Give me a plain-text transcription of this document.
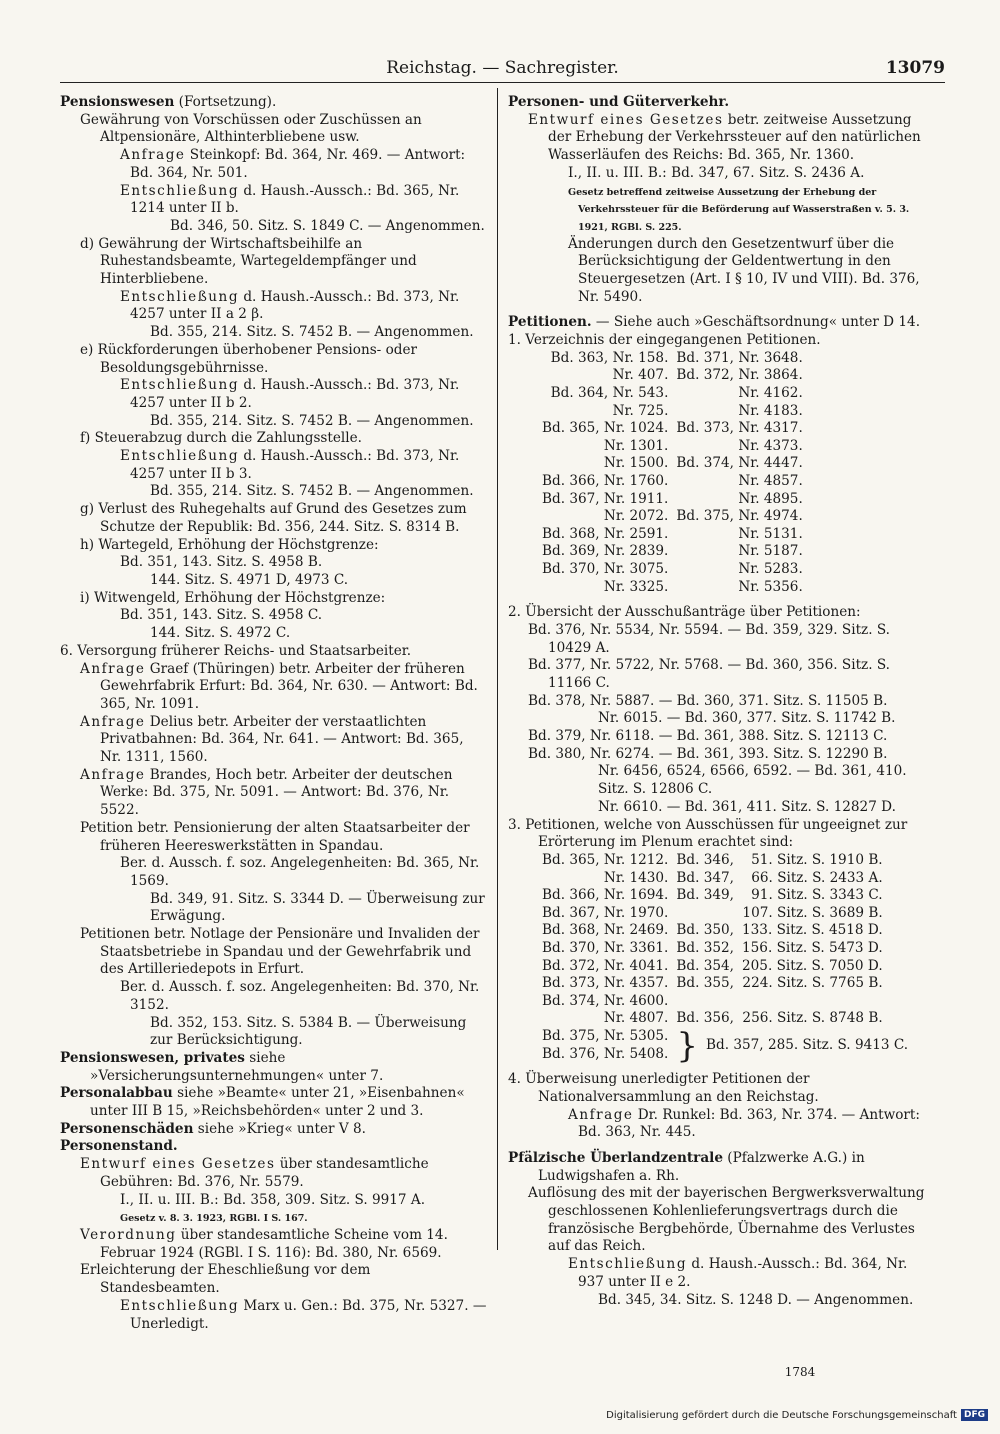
Reichstag. — Sachregister.	13079
Pensionswesen (Fortsetzung).
Gewährung von Vorschüssen oder Zuschüssen an Altpensionäre, Althinterbliebene usw.
Anfrage Steinkopf: Bd. 364, Nr. 469. — Antwort: Bd. 364, Nr. 501.
Entschließung d. Haush.-Aussch.: Bd. 365, Nr. 1214 unter II b.
Bd. 346, 50. Sitz. S. 1849 C. — Angenommen.
d) Gewährung der Wirtschaftsbeihilfe an Ruhestandsbeamte, Wartegeldempfänger und Hinterbliebene.
Entschließung d. Haush.-Aussch.: Bd. 373, Nr. 4257 unter II a 2 β.
Bd. 355, 214. Sitz. S. 7452 B. — Angenommen.
e) Rückforderungen überhobener Pensions- oder Besoldungsgebührnisse.
Entschließung d. Haush.-Aussch.: Bd. 373, Nr. 4257 unter II b 2.
Bd. 355, 214. Sitz. S. 7452 B. — Angenommen.
f) Steuerabzug durch die Zahlungsstelle.
Entschließung d. Haush.-Aussch.: Bd. 373, Nr. 4257 unter II b 3.
Bd. 355, 214. Sitz. S. 7452 B. — Angenommen.
g) Verlust des Ruhegehalts auf Grund des Gesetzes zum Schutze der Republik: Bd. 356, 244. Sitz. S. 8314 B.
h) Wartegeld, Erhöhung der Höchstgrenze:
Bd. 351, 143. Sitz. S. 4958 B.
144. Sitz. S. 4971 D, 4973 C.
i) Witwengeld, Erhöhung der Höchstgrenze:
Bd. 351, 143. Sitz. S. 4958 C.
144. Sitz. S. 4972 C.
6. Versorgung früherer Reichs- und Staatsarbeiter.
Anfrage Graef (Thüringen) betr. Arbeiter der früheren Gewehrfabrik Erfurt: Bd. 364, Nr. 630. — Antwort: Bd. 365, Nr. 1091.
Anfrage Delius betr. Arbeiter der verstaatlichten Privatbahnen: Bd. 364, Nr. 641. — Antwort: Bd. 365, Nr. 1311, 1560.
Anfrage Brandes, Hoch betr. Arbeiter der deutschen Werke: Bd. 375, Nr. 5091. — Antwort: Bd. 376, Nr. 5522.
Petition betr. Pensionierung der alten Staatsarbeiter der früheren Heereswerkstätten in Spandau.
Ber. d. Aussch. f. soz. Angelegenheiten: Bd. 365, Nr. 1569.
Bd. 349, 91. Sitz. S. 3344 D. — Überweisung zur Erwägung.
Petitionen betr. Notlage der Pensionäre und Invaliden der Staatsbetriebe in Spandau und der Gewehrfabrik und des Artilleriedepots in Erfurt.
Ber. d. Aussch. f. soz. Angelegenheiten: Bd. 370, Nr. 3152.
Bd. 352, 153. Sitz. S. 5384 B. — Überweisung zur Berücksichtigung.
Pensionswesen, privates siehe »Versicherungsunternehmungen« unter 7.
Personalabbau siehe »Beamte« unter 21, »Eisenbahnen« unter III B 15, »Reichsbehörden« unter 2 und 3.
Personenschäden siehe »Krieg« unter V 8.
Personenstand.
Entwurf eines Gesetzes über standesamtliche Gebühren: Bd. 376, Nr. 5579.
I., II. u. III. B.: Bd. 358, 309. Sitz. S. 9917 A.
Gesetz v. 8. 3. 1923, RGBl. I S. 167.
Verordnung über standesamtliche Scheine vom 14. Februar 1924 (RGBl. I S. 116): Bd. 380, Nr. 6569.
Erleichterung der Eheschließung vor dem Standesbeamten.
Entschließung Marx u. Gen.: Bd. 375, Nr. 5327. — Unerledigt.
Personen- und Güterverkehr.
Entwurf eines Gesetzes betr. zeitweise Aussetzung der Erhebung der Verkehrssteuer auf den natürlichen Wasserläufen des Reichs: Bd. 365, Nr. 1360.
I., II. u. III. B.: Bd. 347, 67. Sitz. S. 2436 A.
Gesetz betreffend zeitweise Aussetzung der Erhebung der Verkehrssteuer für die Beförderung auf Wasserstraßen v. 5. 3. 1921, RGBl. S. 225.
Änderungen durch den Gesetzentwurf über die Berücksichtigung der Geldentwertung in den Steuergesetzen (Art. I § 10, IV und VIII). Bd. 376, Nr. 5490.
Petitionen. — Siehe auch »Geschäftsordnung« unter D 14.
1. Verzeichnis der eingegangenen Petitionen.
Bd. 363, Nr. 158.	Bd. 371, Nr. 3648.
Nr. 407.	Bd. 372, Nr. 3864.
Bd. 364, Nr. 543.	Nr. 4162.
Nr. 725.	Nr. 4183.
Bd. 365, Nr. 1024.	Bd. 373, Nr. 4317.
Nr. 1301.	Nr. 4373.
Nr. 1500.	Bd. 374, Nr. 4447.
Bd. 366, Nr. 1760.	Nr. 4857.
Bd. 367, Nr. 1911.	Nr. 4895.
Nr. 2072.	Bd. 375, Nr. 4974.
Bd. 368, Nr. 2591.	Nr. 5131.
Bd. 369, Nr. 2839.	Nr. 5187.
Bd. 370, Nr. 3075.	Nr. 5283.
Nr. 3325.	Nr. 5356.
2. Übersicht der Ausschußanträge über Petitionen:
Bd. 376, Nr. 5534, Nr. 5594. — Bd. 359, 329. Sitz. S. 10429 A.
Bd. 377, Nr. 5722, Nr. 5768. — Bd. 360, 356. Sitz. S. 11166 C.
Bd. 378, Nr. 5887. — Bd. 360, 371. Sitz. S. 11505 B.
Nr. 6015. — Bd. 360, 377. Sitz. S. 11742 B.
Bd. 379, Nr. 6118. — Bd. 361, 388. Sitz. S. 12113 C.
Bd. 380, Nr. 6274. — Bd. 361, 393. Sitz. S. 12290 B.
Nr. 6456, 6524, 6566, 6592. — Bd. 361, 410. Sitz. S. 12806 C.
Nr. 6610. — Bd. 361, 411. Sitz. S. 12827 D.
3. Petitionen, welche von Ausschüssen für ungeeignet zur Erörterung im Plenum erachtet sind:
Bd. 365, Nr. 1212.	Bd. 346,	51. Sitz. S. 1910 B.
Nr. 1430.	Bd. 347,	66. Sitz. S. 2433 A.
Bd. 366, Nr. 1694.	Bd. 349,	91. Sitz. S. 3343 C.
Bd. 367, Nr. 1970.		107. Sitz. S. 3689 B.
Bd. 368, Nr. 2469.	Bd. 350,	133. Sitz. S. 4518 D.
Bd. 370, Nr. 3361.	Bd. 352,	156. Sitz. S. 5473 D.
Bd. 372, Nr. 4041.	Bd. 354,	205. Sitz. S. 7050 D.
Bd. 373, Nr. 4357.	Bd. 355,	224. Sitz. S. 7765 B.
Bd. 374, Nr. 4600.		
Nr. 4807.	Bd. 356,	256. Sitz. S. 8748 B.
Bd. 375, Nr. 5305.
Bd. 376, Nr. 5408.	}	Bd. 357, 285. Sitz. S. 9413 C.
4. Überweisung unerledigter Petitionen der Nationalversammlung an den Reichstag.
Anfrage Dr. Runkel: Bd. 363, Nr. 374. — Antwort: Bd. 363, Nr. 445.
Pfälzische Überlandzentrale (Pfalzwerke A.G.) in Ludwigshafen a. Rh.
Auflösung des mit der bayerischen Bergwerksverwaltung geschlossenen Kohlenlieferungsvertrags durch die französische Bergbehörde, Übernahme des Verlustes auf das Reich.
Entschließung d. Haush.-Aussch.: Bd. 364, Nr. 937 unter II e 2.
Bd. 345, 34. Sitz. S. 1248 D. — Angenommen.
1784
Digitalisierung gefördert durch die Deutsche Forschungsgemeinschaft DFG
